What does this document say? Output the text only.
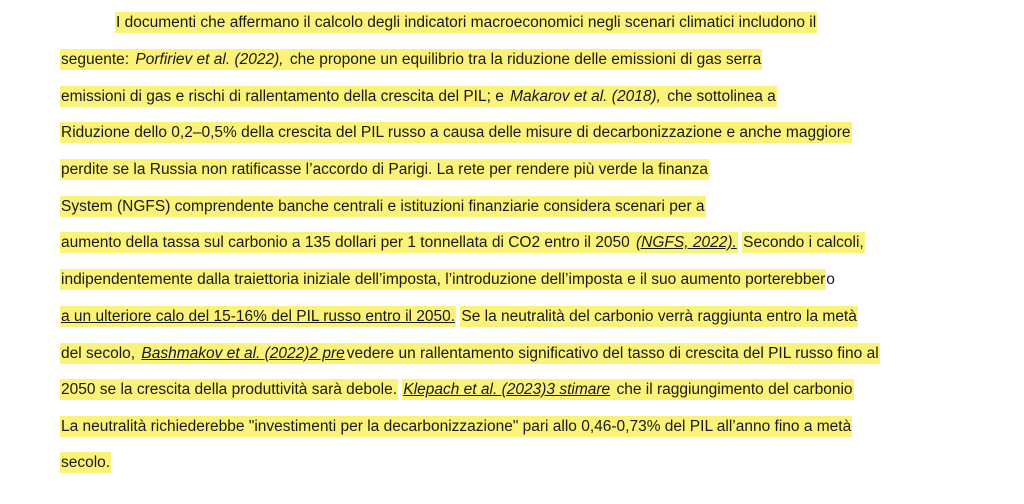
I documenti che affermano il calcolo degli indicatori macroeconomici negli scenari climatici includono il
seguente: Porfiriev et al. (2022), che propone un equilibrio tra la riduzione delle emissioni di gas serra
emissioni di gas e rischi di rallentamento della crescita del PIL; e Makarov et al. (2018), che sottolinea a
Riduzione dello 0,2–0,5% della crescita del PIL russo a causa delle misure di decarbonizzazione e anche maggiore
perdite se la Russia non ratificasse l’accordo di Parigi. La rete per rendere più verde la finanza
System (NGFS) comprendente banche centrali e istituzioni finanziarie considera scenari per a
aumento della tassa sul carbonio a 135 dollari per 1 tonnellata di CO2 entro il 2050 (NGFS, 2022). Secondo i calcoli,
indipendentemente dalla traiettoria iniziale dell’imposta, l’introduzione dell’imposta e il suo aumento porterebbero
a un ulteriore calo del 15-16% del PIL russo entro il 2050. Se la neutralità del carbonio verrà raggiunta entro la metà
del secolo, Bashmakov et al. (2022)2 pre vedere un rallentamento significativo del tasso di crescita del PIL russo fino al
2050 se la crescita della produttività sarà debole. Klepach et al. (2023)3 stimare che il raggiungimento del carbonio
La neutralità richiederebbe "investimenti per la decarbonizzazione" pari allo 0,46-0,73% del PIL all’anno fino a metà
secolo.
